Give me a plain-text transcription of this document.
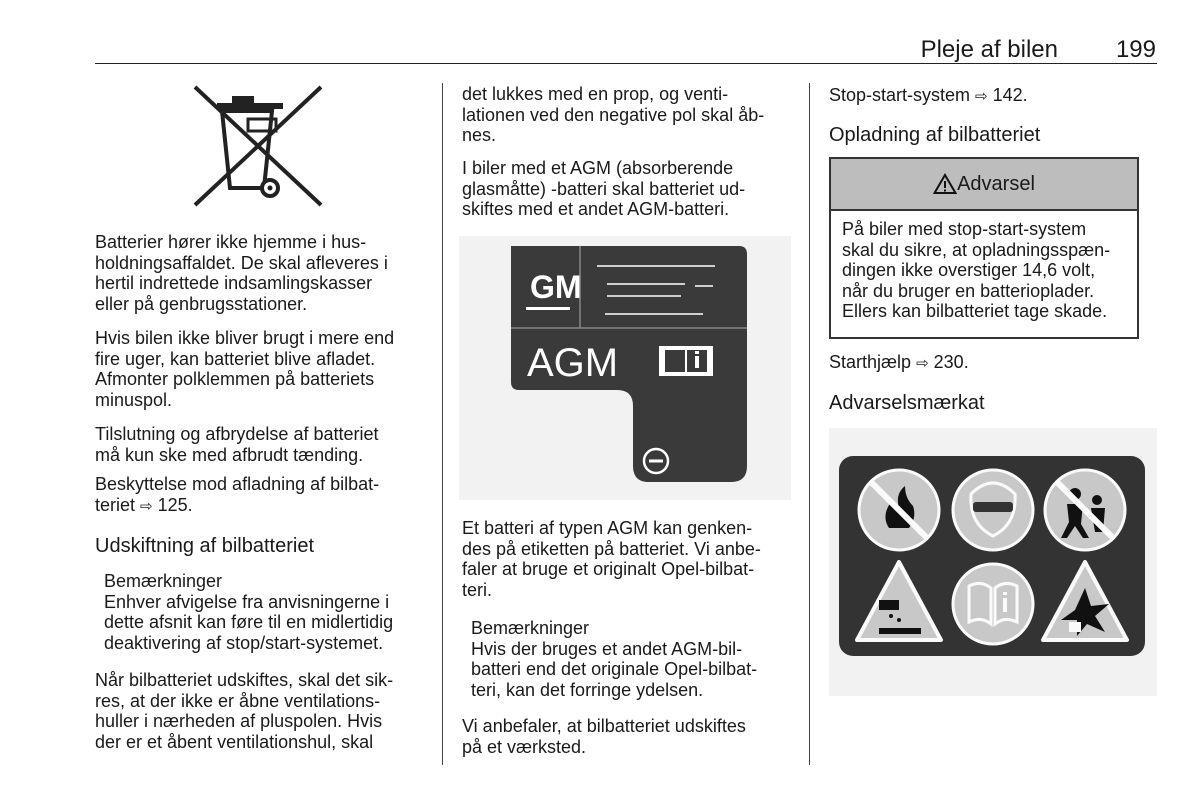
Pleje af bilen 199

Batterier hører ikke hjemme i hus-
holdningsaffaldet. De skal afleveres i
hertil indrettede indsamlingskasser
eller på genbrugsstationer.

Hvis bilen ikke bliver brugt i mere end
fire uger, kan batteriet blive afladet.
Afmonter polklemmen på batteriets
minuspol.

Tilslutning og afbrydelse af batteriet
må kun ske med afbrudt tænding.

Beskyttelse mod afladning af bilbat-
teriet ⇨ 125.

Udskiftning af bilbatteriet

Bemærkninger

Enhver afvigelse fra anvisningerne i
dette afsnit kan føre til en midlertidig
deaktivering af stop/start-systemet.

Når bilbatteriet udskiftes, skal det sik-
res, at der ikke er åbne ventilations-
huller i nærheden af pluspolen. Hvis
der er et åbent ventilationshul, skal

det lukkes med en prop, og venti-
lationen ved den negative pol skal åb-
nes.

I biler med et AGM (absorberende
glasmåtte) -batteri skal batteriet ud-
skiftes med et andet AGM-batteri.

GM
AGM

Et batteri af typen AGM kan genken-
des på etiketten på batteriet. Vi anbe-
faler at bruge et originalt Opel-bilbat-
teri.

Bemærkninger

Hvis der bruges et andet AGM-bil-
batteri end det originale Opel-bilbat-
teri, kan det forringe ydelsen.

Vi anbefaler, at bilbatteriet udskiftes
på et værksted.

Stop-start-system ⇨ 142.
Opladning af bilbatteriet
Advarsel
På biler med stop-start-system
skal du sikre, at opladningsspæn-
dingen ikke overstiger 14,6 volt,
når du bruger en batterioplader.
Ellers kan bilbatteriet tage skade.
Starthjælp ⇨ 230.
Advarselsmærkat
